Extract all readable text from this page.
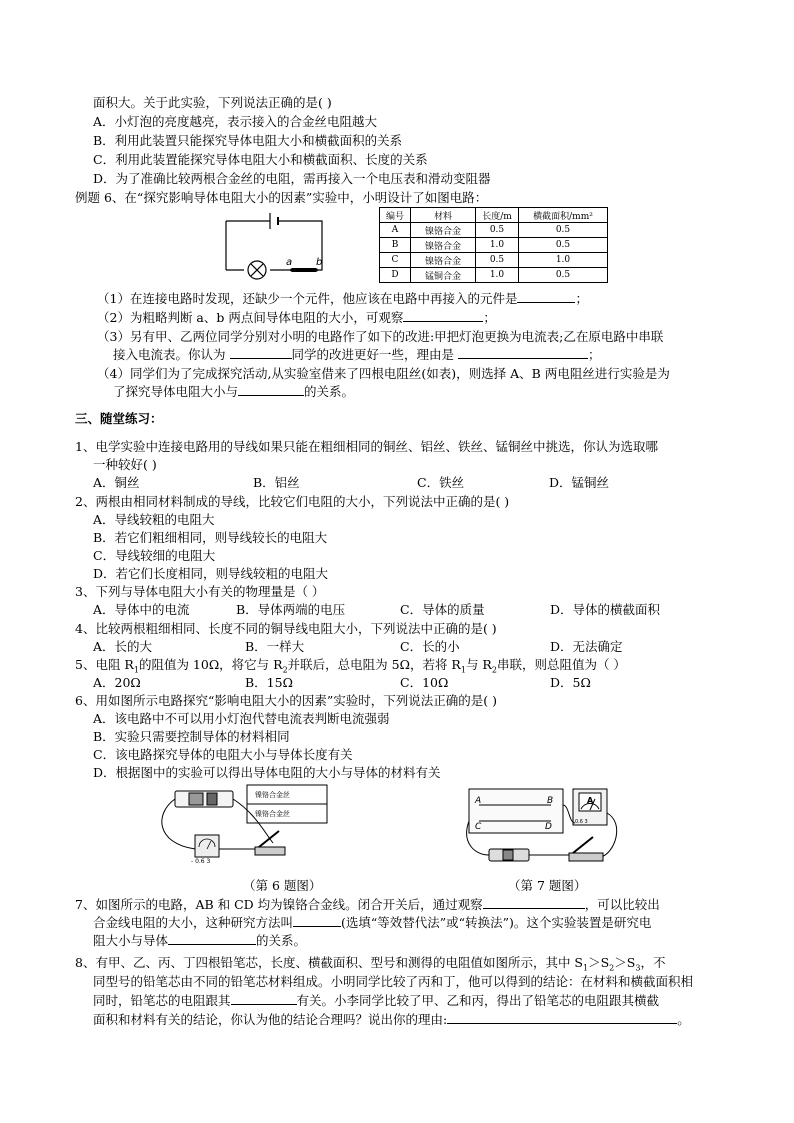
面积大。关于此实验，下列说法正确的是( )
A．小灯泡的亮度越亮，表示接入的合金丝电阻越大
B．利用此装置只能探究导体电阻大小和横截面积的关系
C．利用此装置能探究导体电阻大小和横截面积、长度的关系
D．为了准确比较两根合金丝的电阻，需再接入一个电压表和滑动变阻器
例题 6、在“探究影响导体电阻大小的因素”实验中，小明设计了如图电路：
a b
编号	材料	长度/m	横截面积/mm²
A	镍铬合金	0.5	0.5
B	镍铬合金	1.0	0.5
C	镍铬合金	0.5	1.0
D	锰铜合金	1.0	0.5
（1）在连接电路时发现，还缺少一个元件，他应该在电路中再接入的元件是	；
（2）为粗略判断 a、b 两点间导体电阻的大小，可观察	；
（3）另有甲、乙两位同学分别对小明的电路作了如下的改进:甲把灯泡更换为电流表;乙在原电路中串联
接入电流表。你认为	同学的改进更好一些，理由是	；
（4）同学们为了完成探究活动,从实验室借来了四根电阻丝(如表)，则选择 A、B 两电阻丝进行实验是为
了探究导体电阻大小与	的关系。
三、随堂练习：
1、电学实验中连接电路用的导线如果只能在粗细相同的铜丝、铝丝、铁丝、锰铜丝中挑选，你认为选取哪
一种较好( )
A．铜丝	B．铝丝	C．铁丝	D．锰铜丝
2、两根由相同材料制成的导线，比较它们电阻的大小，下列说法中正确的是( )
A．导线较粗的电阻大
B．若它们粗细相同，则导线较长的电阻大
C．导线较细的电阻大
D．若它们长度相同，则导线较粗的电阻大
3、下列与导体电阻大小有关的物理量是（ ）
A．导体中的电流	B．导体两端的电压	C．导体的质量	D．导体的横截面积
4、比较两根粗细相同、长度不同的铜导线电阻大小，下列说法中正确的是( )
A．长的大	B．一样大	C．长的小	D．无法确定
5、电阻 $R_1$的阻值为 10Ω，将它与 $R_2$并联后，总电阻为 5Ω，若将 $R_1$与 $R_2$串联，则总阻值为（ ）
A．20Ω	B．15Ω	C．10Ω	D．5Ω
6、用如图所示电路探究“影响电阻大小的因素”实验时，下列说法正确的是( )
A．该电路中不可以用小灯泡代替电流表判断电流强弱
B．实验只需要控制导体的材料相同
C．该电路探究导体的电阻大小与导体长度有关
D．根据图中的实验可以得出导体电阻的大小与导体的材料有关
镍铬合金丝
镍铬合金丝
- 0.6 3
（第 6 题图）
A	B
C	D
A
0.6 3
（第 7 题图）
7、如图所示的电路，AB 和 CD 均为镍铬合金线。闭合开关后，通过观察	，可以比较出
合金线电阻的大小，这种研究方法叫	(选填“等效替代法”或“转换法”)。这个实验装置是研究电
阻大小与导体	的关系。
8、有甲、乙、丙、丁四根铅笔芯，长度、横截面积、型号和测得的电阻值如图所示，其中 $S_1>S_2>S_3$，不
同型号的铅笔芯由不同的铅笔芯材料组成。小明同学比较了丙和丁，他可以得到的结论：在材料和横截面积相
同时，铅笔芯的电阻跟其	有关。小李同学比较了甲、乙和丙，得出了铅笔芯的电阻跟其横截
面积和材料有关的结论，你认为他的结论合理吗？说出你的理由:	。
